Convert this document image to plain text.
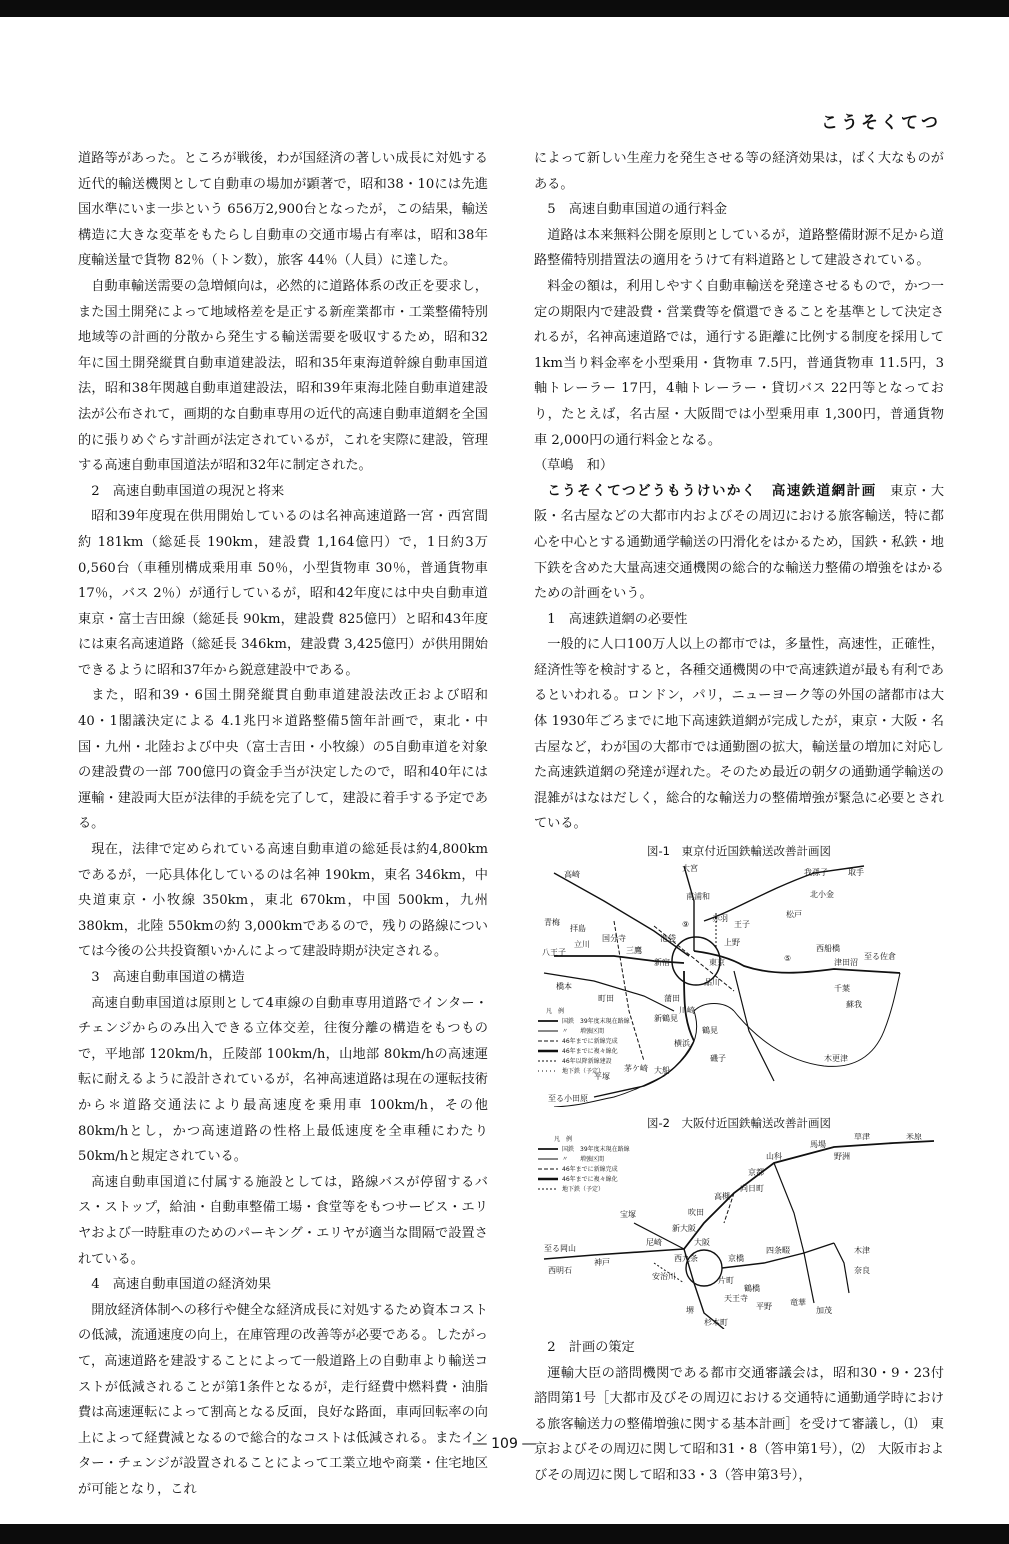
こうそくてつ

道路等があった。ところが戦後，わが国経済の著しい成長に対処する近代的輸送機関として自動車の場加が顕著で，昭和38・10には先進国水準にいま一歩という 656万2,900台となったが，この結果，輸送構造に大きな変革をもたらし自動車の交通市場占有率は，昭和38年度輸送量で貨物 82％（トン数），旅客 44％（人員）に達した。

自動車輸送需要の急増傾向は，必然的に道路体系の改正を要求し，また国土開発によって地域格差を是正する新産業都市・工業整備特別地域等の計画的分散から発生する輸送需要を吸収するため，昭和32年に国土開発縦貫自動車道建設法，昭和35年東海道幹線自動車国道法，昭和38年関越自動車道建設法，昭和39年東海北陸自動車道建設法が公布されて，画期的な自動車専用の近代的高速自動車道網を全国的に張りめぐらす計画が法定されているが，これを実際に建設，管理する高速自動車国道法が昭和32年に制定された。

2　高速自動車国道の現況と将来

昭和39年度現在供用開始しているのは名神高速道路一宮・西宮間約 181km（総延長 190km，建設費 1,164億円）で，1日約3万0,560台（車種別構成乗用車 50％，小型貨物車 30％，普通貨物車 17％，バス 2％）が通行しているが，昭和42年度には中央自動車道東京・富士吉田線（総延長 90km，建設費 825億円）と昭和43年度には東名高速道路（総延長 346km，建設費 3,425億円）が供用開始できるように昭和37年から鋭意建設中である。

また，昭和39・6国土開発縦貫自動車道建設法改正および昭和40・1閣議決定による 4.1兆円＊道路整備5箇年計画で，東北・中国・九州・北陸および中央（富士吉田・小牧線）の5自動車道を対象の建設費の一部 700億円の資金手当が決定したので，昭和40年には運輸・建設両大臣が法律的手続を完了して，建設に着手する予定である。

現在，法律で定められている高速自動車道の総延長は約4,800kmであるが，一応具体化しているのは名神 190km，東名 346km，中央道東京・小牧線 350km，東北 670km，中国 500km，九州 380km，北陸 550kmの約 3,000kmであるので，残りの路線については今後の公共投資額いかんによって建設時期が決定される。

3　高速自動車国道の構造

高速自動車国道は原則として4車線の自動車専用道路でインター・チェンジからのみ出入できる立体交差，往復分離の構造をもつもので，平地部 120km/h，丘陵部 100km/h，山地部 80km/hの高速運転に耐えるように設計されているが，名神高速道路は現在の運転技術から＊道路交通法により最高速度を乗用車 100km/h，その他 80km/hとし，かつ高速道路の性格上最低速度を全車種にわたり 50km/hと規定されている。

高速自動車国道に付属する施設としては，路線バスが停留するバス・ストップ，給油・自動車整備工場・食堂等をもつサービス・エリヤおよび一時駐車のためのパーキング・エリヤが適当な間隔で設置されている。

4　高速自動車国道の経済効果

開放経済体制への移行や健全な経済成長に対処するため資本コストの低減，流通速度の向上，在庫管理の改善等が必要である。したがって，高速道路を建設することによって一般道路上の自動車より輸送コストが低減されることが第1条件となるが，走行経費中燃料費・油脂費は高速運転によって割高となる反面，良好な路面，車両回転率の向上によって経費減となるので総合的なコストは低減される。またインター・チェンジが設置されることによって工業立地や商業・住宅地区が可能となり，これ

によって新しい生産力を発生させる等の経済効果は，ばく大なものがある。

5　高速自動車国道の通行料金

道路は本来無料公開を原則としているが，道路整備財源不足から道路整備特別措置法の適用をうけて有料道路として建設されている。

料金の額は，利用しやすく自動車輸送を発達させるもので，かつ一定の期限内で建設費・営業費等を償還できることを基準として決定されるが，名神高速道路では，通行する距離に比例する制度を採用して 1km当り料金率を小型乗用・貨物車 7.5円，普通貨物車 11.5円，3軸トレーラー 17円，4軸トレーラー・貸切バス 22円等となっており，たとえば，名古屋・大阪間では小型乗用車 1,300円，普通貨物車 2,000円の通行料金となる。

（草嶋　和）

こうそくてつどうもうけいかく　高速鉄道網計画　 東京・大阪・名古屋などの大都市内およびその周辺における旅客輸送，特に都心を中心とする通勤通学輸送の円滑化をはかるため，国鉄・私鉄・地下鉄を含めた大量高速交通機関の総合的な輸送力整備の増強をはかるための計画をいう。

1　高速鉄道網の必要性

一般的に人口100万人以上の都市では，多量性，高速性，正確性，経済性等を検討すると，各種交通機関の中で高速鉄道が最も有利であるといわれる。ロンドン，パリ，ニューヨーク等の外国の諸都市は大体 1930年ごろまでに地下高速鉄道網が完成したが，東京・大阪・名古屋など，わが国の大都市では通勤圏の拡大，輸送量の増加に対応した高速鉄道網の発達が遅れた。そのため最近の朝夕の通勤通学輸送の混雑がはなはだしく，総合的な輸送力の整備増強が緊急に必要とされている。

図-1　東京付近国鉄輸送改善計画図
高崎
大宮
南浦和
我孫子	取手
北小金
松戸
赤羽
王子
池袋	上野
新宿	東京
品川
蒲田
川崎
鶴見
新鶴見
横浜
大船
茅ケ崎
平塚
磯子
八王子
立川
国分寺
三鷹
青梅
拝島
橋本
町田
千葉
蘇我
木更津
西船橋
津田沼
至る佐倉
至る小田原
⑨
⑤
凡　例
国鉄　39年度末現在路線
〃　　増強区間
46年までに新線完成
46年までに複々線化
46年以降新線建設
地下鉄（予定）
図-2　大阪付近国鉄輸送改善計画図
草津	米原
馬場
野洲
山科
京都
向日町
高槻
吹田
新大阪
大阪
尼崎
宝塚
神戸
西明石
至る岡山	木津
奈良
四条畷
京橋
片町
西九条
安治川
天王寺
鶴橋
平野 竜華
加茂
堺
杉本町
凡　例
国鉄　39年度末現在路線
〃　　増強区間
46年までに新線完成
46年までに複々線化
地下鉄（予定）

2　計画の策定

運輸大臣の諮問機関である都市交通審議会は，昭和30・9・23付諮問第1号［大都市及びその周辺における交通特に通勤通学時における旅客輸送力の整備増強に関する基本計画］を受けて審議し，⑴　東京およびその周辺に関して昭和31・8（答申第1号），⑵　大阪市およびその周辺に関して昭和33・3（答申第3号），

― 109 ―
